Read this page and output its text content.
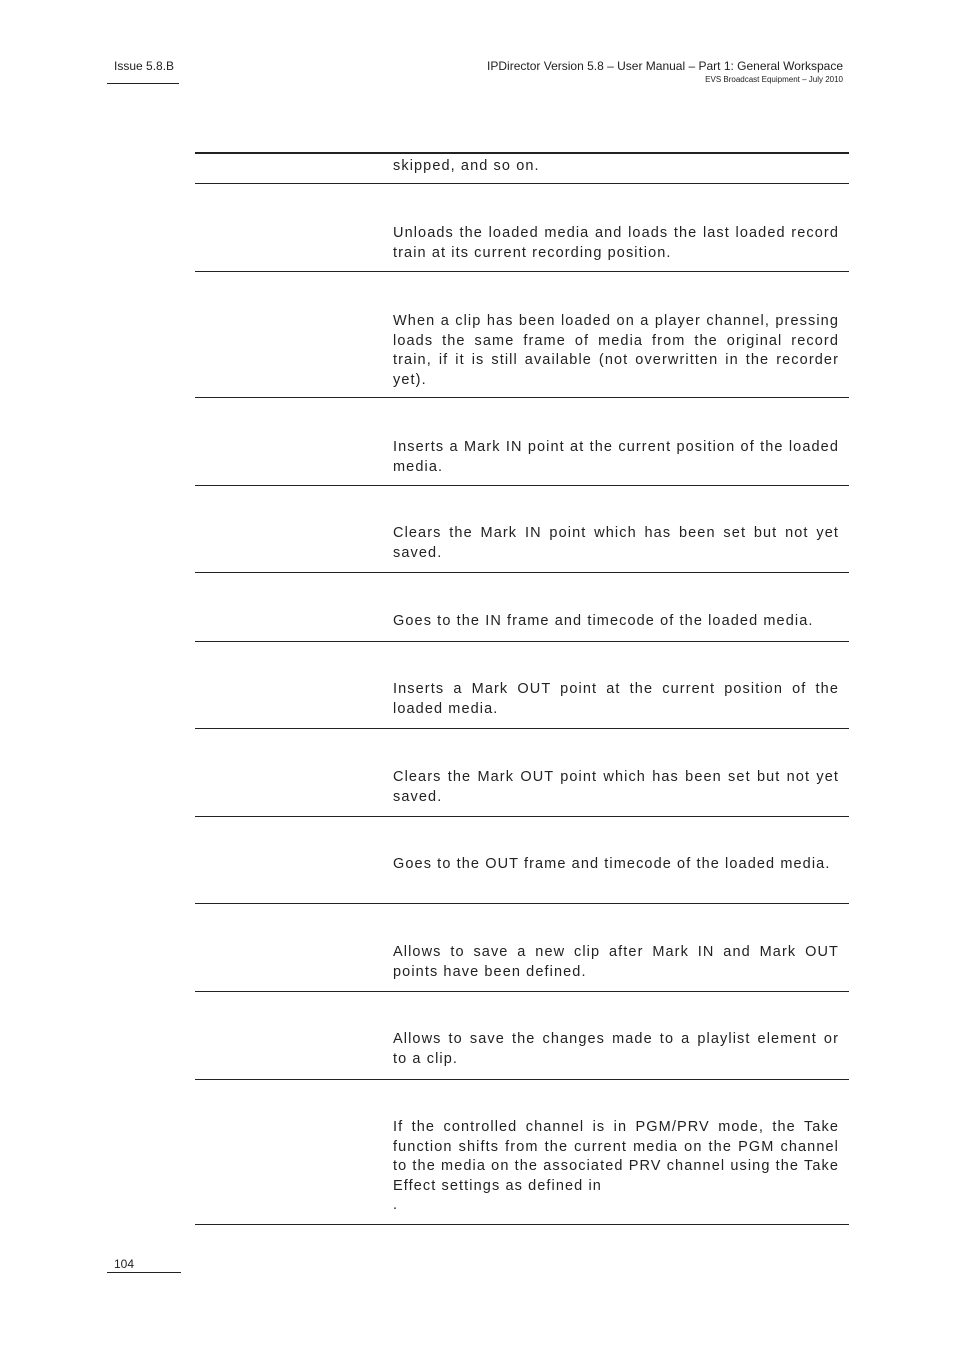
Issue 5.8.B	IPDirector Version 5.8 – User Manual – Part 1: General Workspace
EVS Broadcast Equipment – July 2010
skipped, and so on.
Unloads the loaded media and loads the last loaded record train at its current recording position.
When a clip has been loaded on a player channel, pressing            loads the same frame of media from the original record train, if it is still available (not overwritten in the recorder yet).
Inserts a Mark IN point at the current position of the loaded media.
Clears the Mark IN point which has been set but not yet saved.
Goes to the IN frame and timecode of the loaded media.
Inserts a Mark OUT point at the current position of the loaded media.
Clears the Mark OUT point which has been set but not yet saved.
Goes to the OUT frame and timecode of the loaded media.
Allows to save a new clip after Mark IN and Mark OUT points have been defined.
Allows to save the changes made to a playlist element or to a clip.
If the controlled channel is in PGM/PRV mode, the Take function shifts from the current media on the PGM channel to the media on the associated PRV channel using the Take Effect settings as defined in
.
104
